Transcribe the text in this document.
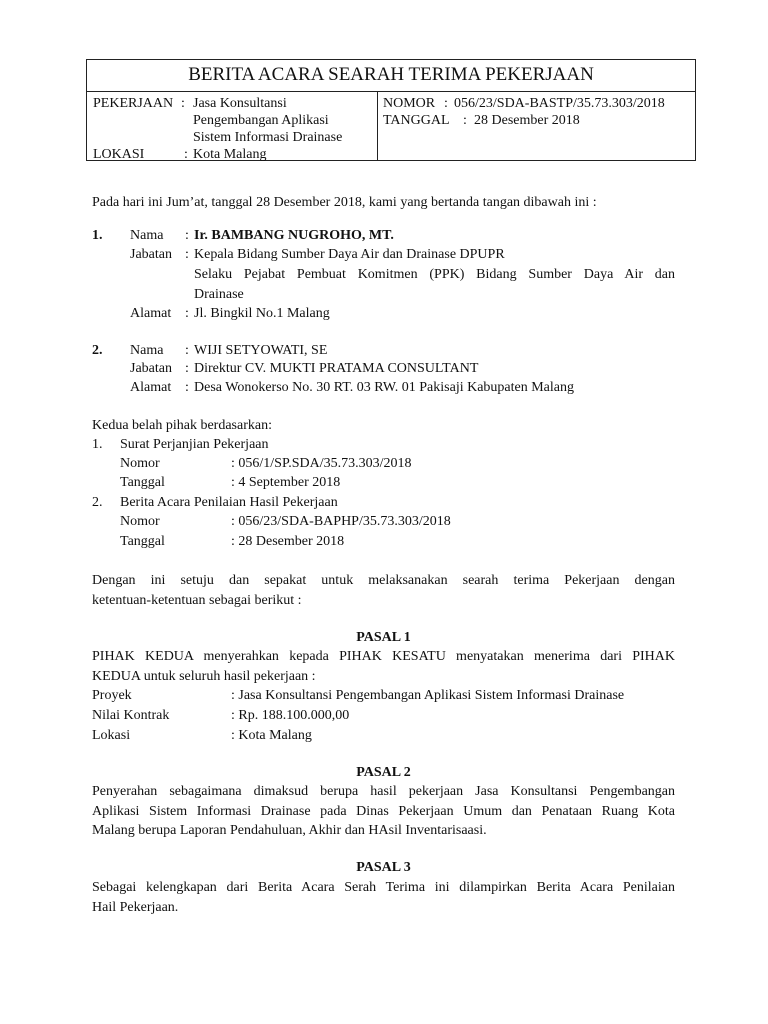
BERITA ACARA SEARAH TERIMA PEKERJAAN
PEKERJAAN : Jasa Konsultansi
Pengembangan Aplikasi
Sistem Informasi Drainase
LOKASI	: Kota Malang
NOMOR : 056/23/SDA-BASTP/35.73.303/2018
TANGGAL : 28 Desember 2018
Pada hari ini Jum’at, tanggal 28 Desember 2018, kami yang bertanda tangan dibawah ini :
1. Nama : Ir. BAMBANG NUGROHO, MT.
Jabatan : Kepala Bidang Sumber Daya Air dan Drainase DPUPR
Selaku Pejabat Pembuat Komitmen (PPK) Bidang Sumber Daya Air dan
Drainase
Alamat : Jl. Bingkil No.1 Malang
2. Nama : WIJI SETYOWATI, SE
Jabatan : Direktur CV. MUKTI PRATAMA CONSULTANT
Alamat : Desa Wonokerso No. 30 RT. 03 RW. 01 Pakisaji Kabupaten Malang
Kedua belah pihak berdasarkan:
1. Surat Perjanjian Pekerjaan
Nomor	: 056/1/SP.SDA/35.73.303/2018
Tanggal	: 4 September 2018
2. Berita Acara Penilaian Hasil Pekerjaan
Nomor	: 056/23/SDA-BAPHP/35.73.303/2018
Tanggal	: 28 Desember 2018
Dengan ini setuju dan sepakat untuk melaksanakan searah terima Pekerjaan dengan
ketentuan-ketentuan sebagai berikut :
PASAL 1
PIHAK KEDUA menyerahkan kepada PIHAK KESATU menyatakan menerima dari PIHAK
KEDUA untuk seluruh hasil pekerjaan :
Proyek	: Jasa Konsultansi Pengembangan Aplikasi Sistem Informasi Drainase
Nilai Kontrak	: Rp. 188.100.000,00
Lokasi	: Kota Malang
PASAL 2
Penyerahan sebagaimana dimaksud berupa hasil pekerjaan Jasa Konsultansi Pengembangan
Aplikasi Sistem Informasi Drainase pada Dinas Pekerjaan Umum dan Penataan Ruang Kota
Malang berupa Laporan Pendahuluan, Akhir dan HAsil Inventarisaasi.
PASAL 3
Sebagai kelengkapan dari Berita Acara Serah Terima ini dilampirkan Berita Acara Penilaian
Hail Pekerjaan.
